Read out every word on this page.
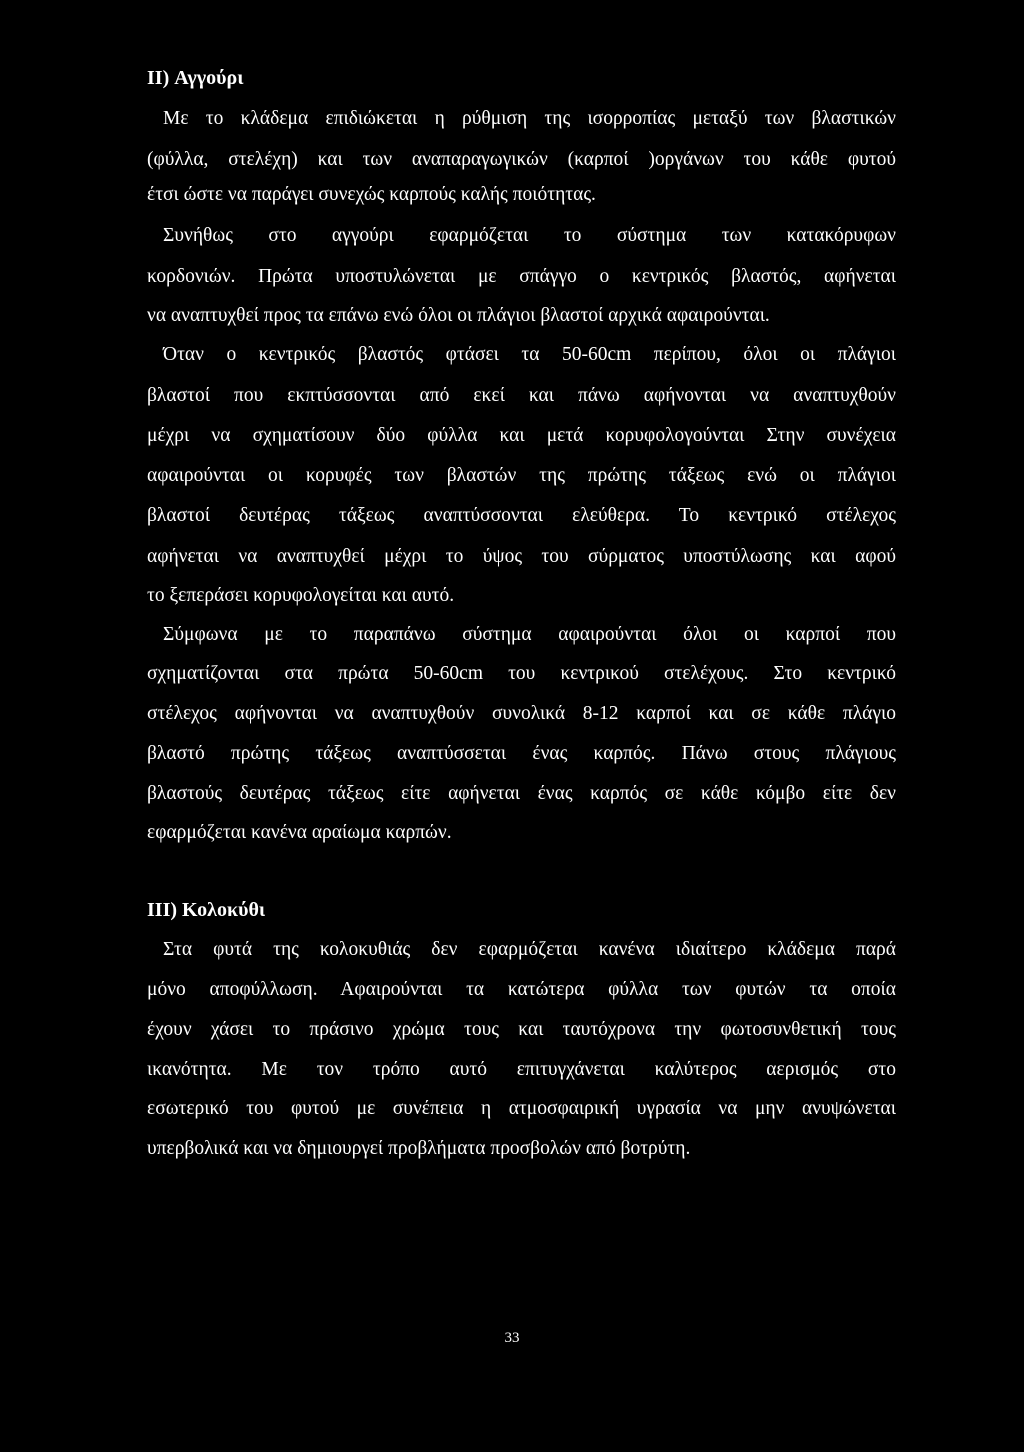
II) Αγγούρι

Με το κλάδεμα επιδιώκεται η ρύθμιση της ισορροπίας μεταξύ των βλαστικών

(φύλλα, στελέχη) και των αναπαραγωγικών (καρποί )οργάνων του κάθε φυτού

έτσι ώστε να παράγει συνεχώς καρπούς καλής ποιότητας.

Συνήθως στο αγγούρι εφαρμόζεται το σύστημα των κατακόρυφων

κορδονιών. Πρώτα υποστυλώνεται με σπάγγο ο κεντρικός βλαστός, αφήνεται

να αναπτυχθεί προς τα επάνω ενώ όλοι οι πλάγιοι βλαστοί αρχικά αφαιρούνται.

Όταν ο κεντρικός βλαστός φτάσει τα 50-60cm περίπου, όλοι οι πλάγιοι

βλαστοί που εκπτύσσονται από εκεί και πάνω αφήνονται να αναπτυχθούν

μέχρι να σχηματίσουν δύο φύλλα και μετά κορυφολογούνται Στην συνέχεια

αφαιρούνται οι κορυφές των βλαστών της πρώτης τάξεως ενώ οι πλάγιοι

βλαστοί δευτέρας τάξεως αναπτύσσονται ελεύθερα. Το κεντρικό στέλεχος

αφήνεται να αναπτυχθεί μέχρι το ύψος του σύρματος υποστύλωσης και αφού

το ξεπεράσει κορυφολογείται και αυτό.

Σύμφωνα με το παραπάνω σύστημα αφαιρούνται όλοι οι καρποί που

σχηματίζονται στα πρώτα 50-60cm του κεντρικού στελέχους. Στο κεντρικό

στέλεχος αφήνονται να αναπτυχθούν συνολικά 8-12 καρποί και σε κάθε πλάγιο

βλαστό πρώτης τάξεως αναπτύσσεται ένας καρπός. Πάνω στους πλάγιους

βλαστούς δευτέρας τάξεως είτε αφήνεται ένας καρπός σε κάθε κόμβο είτε δεν

εφαρμόζεται κανένα αραίωμα καρπών.

III) Κολοκύθι

Στα φυτά της κολοκυθιάς δεν εφαρμόζεται κανένα ιδιαίτερο κλάδεμα παρά

μόνο αποφύλλωση. Αφαιρούνται τα κατώτερα φύλλα των φυτών τα οποία

έχουν χάσει το πράσινο χρώμα τους και ταυτόχρονα την φωτοσυνθετική τους

ικανότητα. Με τον τρόπο αυτό επιτυγχάνεται καλύτερος αερισμός στο

εσωτερικό του φυτού με συνέπεια η ατμοσφαιρική υγρασία να μην ανυψώνεται

υπερβολικά και να δημιουργεί προβλήματα προσβολών από βοτρύτη.

33
